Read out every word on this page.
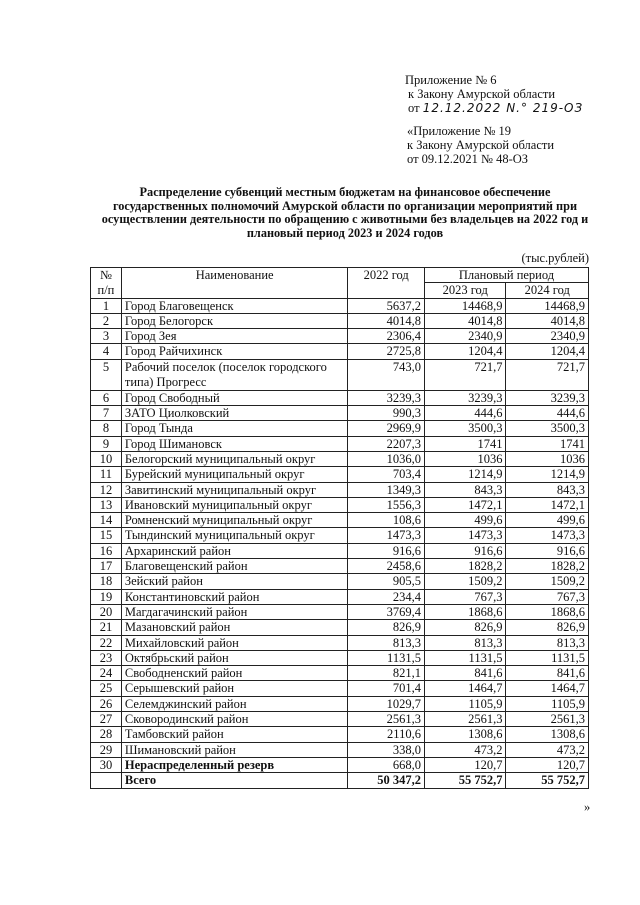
Приложение № 6
к Закону Амурской области
от 12.12.2022 N.° 219-ОЗ
«Приложение № 19
к Закону Амурской области
от 09.12.2021 № 48-ОЗ
Распределение субвенций местным бюджетам на финансовое обеспечение государственных полномочий Амурской области по организации мероприятий при осуществлении деятельности по обращению с животными без владельцев на 2022 год и плановый период 2023 и 2024 годов
(тыс.рублей)
№	Наименование	2022 год	Плановый период	
п/п			2023 год	2024 год
1	Город Благовещенск	5637,2	14468,9	14468,9
2	Город Белогорск	4014,8	4014,8	4014,8
3	Город Зея	2306,4	2340,9	2340,9
4	Город Райчихинск	2725,8	1204,4	1204,4
5	Рабочий поселок (поселок городского типа) Прогресс	743,0	721,7	721,7
6	Город Свободный	3239,3	3239,3	3239,3
7	ЗАТО Циолковский	990,3	444,6	444,6
8	Город Тында	2969,9	3500,3	3500,3
9	Город Шимановск	2207,3	1741	1741
10	Белогорский муниципальный округ	1036,0	1036	1036
11	Бурейский муниципальный округ	703,4	1214,9	1214,9
12	Завитинский муниципальный округ	1349,3	843,3	843,3
13	Ивановский муниципальный округ	1556,3	1472,1	1472,1
14	Ромненский муниципальный округ	108,6	499,6	499,6
15	Тындинский муниципальный округ	1473,3	1473,3	1473,3
16	Архаринский район	916,6	916,6	916,6
17	Благовещенский район	2458,6	1828,2	1828,2
18	Зейский район	905,5	1509,2	1509,2
19	Константиновский район	234,4	767,3	767,3
20	Магдагачинский район	3769,4	1868,6	1868,6
21	Мазановский район	826,9	826,9	826,9
22	Михайловский район	813,3	813,3	813,3
23	Октябрьский район	1131,5	1131,5	1131,5
24	Свободненский район	821,1	841,6	841,6
25	Серышевский район	701,4	1464,7	1464,7
26	Селемджинский район	1029,7	1105,9	1105,9
27	Сковородинский район	2561,3	2561,3	2561,3
28	Тамбовский район	2110,6	1308,6	1308,6
29	Шимановский район	338,0	473,2	473,2
30	Нераспределенный резерв	668,0	120,7	120,7
	Всего	50 347,2	55 752,7	55 752,7
»
